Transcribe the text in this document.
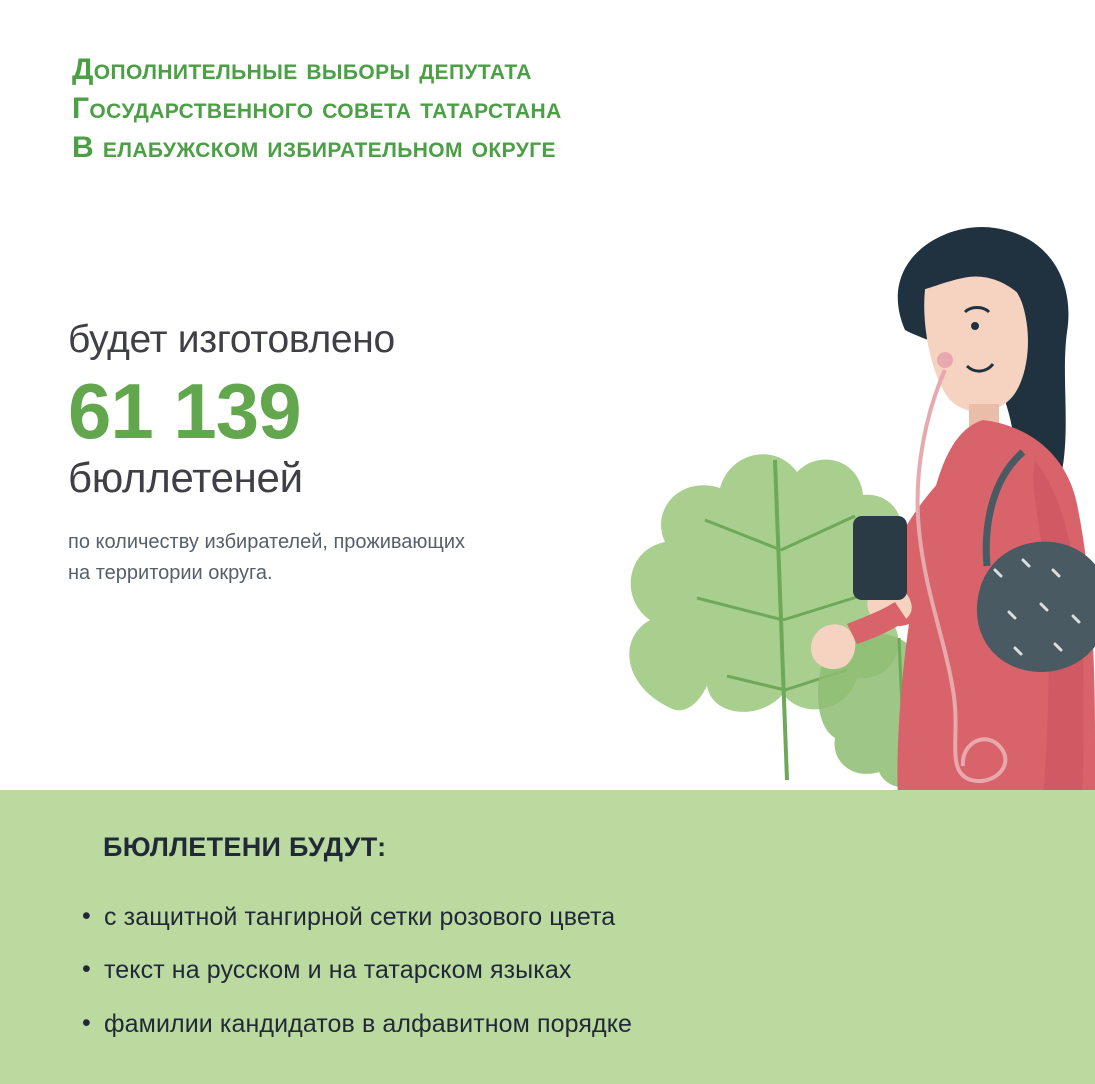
Дополнительные выборы депутата
Государственного совета татарстана
В елабужском избирательном округе
будет изготовлено
61 139
бюллетеней
по количеству избирателей, проживающих на территории округа.
БЮЛЛЕТЕНИ БУДУТ:
• с защитной тангирной сетки розового цвета
• текст на русском и на татарском языках
• фамилии кандидатов в алфавитном порядке
